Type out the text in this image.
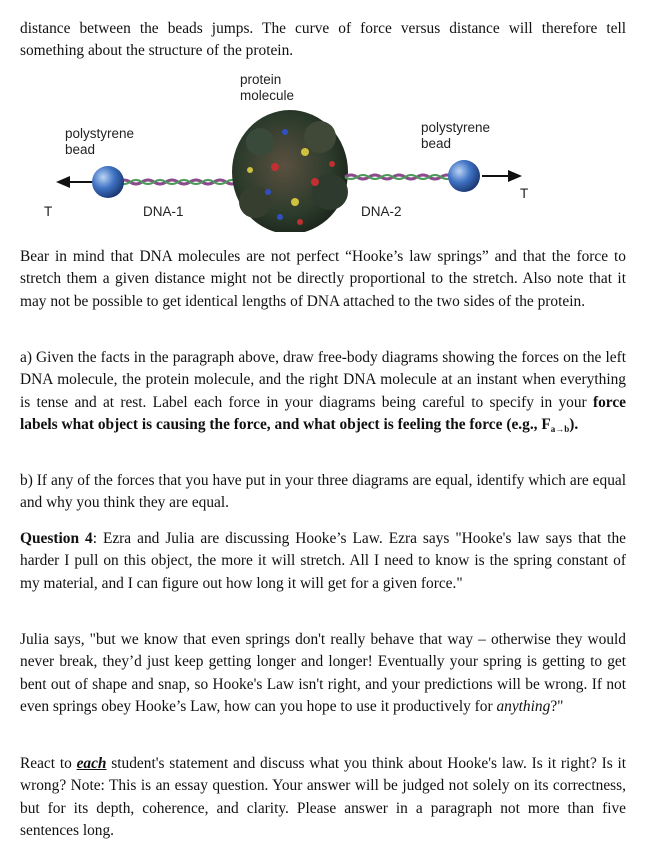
distance between the beads jumps. The curve of force versus distance will therefore tell something about the structure of the protein.
protein
molecule
polystyrene
bead
polystyrene
bead
T
T
DNA-1	DNA-2
Bear in mind that DNA molecules are not perfect “Hooke’s law springs” and that the force to stretch them a given distance might not be directly proportional to the stretch. Also note that it may not be possible to get identical lengths of DNA attached to the two sides of the protein.
a) Given the facts in the paragraph above, draw free-body diagrams showing the forces on the left DNA molecule, the protein molecule, and the right DNA molecule at an instant when everything is tense and at rest. Label each force in your diagrams being careful to specify in your force labels what object is causing the force, and what object is feeling the force (e.g., $F_{a\to b}$).
b) If any of the forces that you have put in your three diagrams are equal, identify which are equal and why you think they are equal.
Question 4: Ezra and Julia are discussing Hooke’s Law. Ezra says "Hooke's law says that the harder I pull on this object, the more it will stretch. All I need to know is the spring constant of my material, and I can figure out how long it will get for a given force."
Julia says, "but we know that even springs don't really behave that way – otherwise they would never break, they’d just keep getting longer and longer! Eventually your spring is getting to get bent out of shape and snap, so Hooke's Law isn't right, and your predictions will be wrong. If not even springs obey Hooke’s Law, how can you hope to use it productively for anything?"
React to each student's statement and discuss what you think about Hooke's law. Is it right? Is it wrong? Note: This is an essay question. Your answer will be judged not solely on its correctness, but for its depth, coherence, and clarity. Please answer in a paragraph not more than five sentences long.
